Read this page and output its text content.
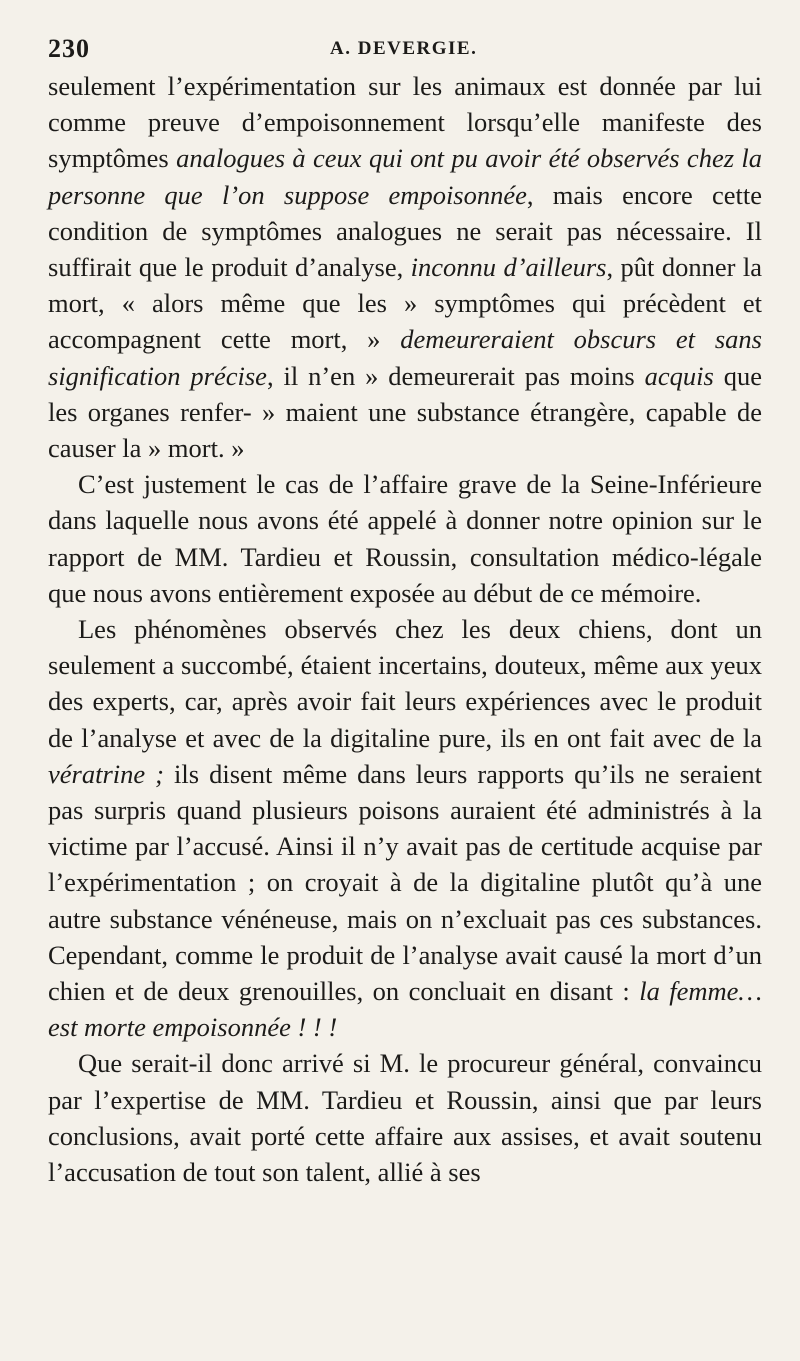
230	A. DEVERGIE.

seulement l’expérimentation sur les animaux est donnée par lui comme preuve d’empoisonnement lorsqu’elle manifeste des symptômes analogues à ceux qui ont pu avoir été observés chez la personne que l’on suppose empoisonnée, mais encore cette condition de symptômes analogues ne serait pas nécessaire. Il suffirait que le produit d’analyse, inconnu d’ailleurs, pût donner la mort, « alors même que les » symptômes qui précèdent et accompagnent cette mort, » demeureraient obscurs et sans signification précise, il n’en » demeurerait pas moins acquis que les organes renfer- » maient une substance étrangère, capable de causer la » mort. »

C’est justement le cas de l’affaire grave de la Seine-Inférieure dans laquelle nous avons été appelé à donner notre opinion sur le rapport de MM. Tardieu et Roussin, consultation médico-légale que nous avons entièrement exposée au début de ce mémoire.

Les phénomènes observés chez les deux chiens, dont un seulement a succombé, étaient incertains, douteux, même aux yeux des experts, car, après avoir fait leurs expériences avec le produit de l’analyse et avec de la digitaline pure, ils en ont fait avec de la vératrine ; ils disent même dans leurs rapports qu’ils ne seraient pas surpris quand plusieurs poisons auraient été administrés à la victime par l’accusé. Ainsi il n’y avait pas de certitude acquise par l’expérimentation ; on croyait à de la digitaline plutôt qu’à une autre substance vénéneuse, mais on n’excluait pas ces substances. Cependant, comme le produit de l’analyse avait causé la mort d’un chien et de deux grenouilles, on concluait en disant : la femme… est morte empoisonnée ! ! !

Que serait-il donc arrivé si M. le procureur général, convaincu par l’expertise de MM. Tardieu et Roussin, ainsi que par leurs conclusions, avait porté cette affaire aux assises, et avait soutenu l’accusation de tout son talent, allié à ses
